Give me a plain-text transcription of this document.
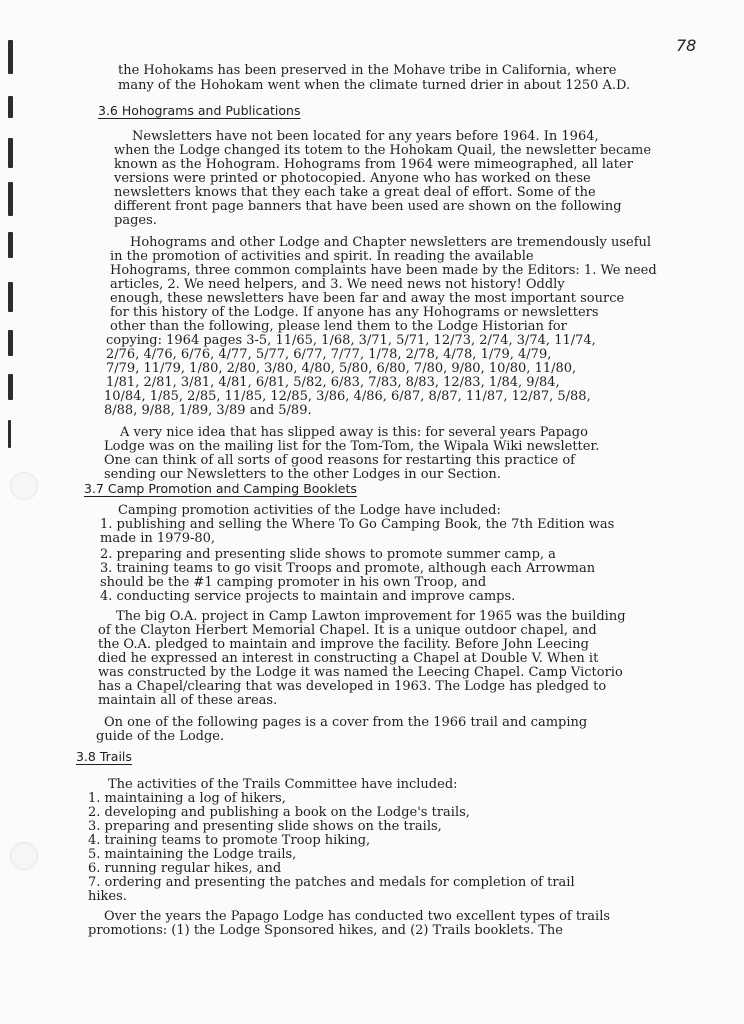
78
the Hohokams has been preserved in the Mohave tribe in California, where
many of the Hohokam went when the climate turned drier in about 1250 A.D.
3.6 Hohograms and Publications
Newsletters have not been located for any years before 1964. In 1964,
when the Lodge changed its totem to the Hohokam Quail, the newsletter became
known as the Hohogram. Hohograms from 1964 were mimeographed, all later
versions were printed or photocopied. Anyone who has worked on these
newsletters knows that they each take a great deal of effort. Some of the
different front page banners that have been used are shown on the following
pages.
Hohograms and other Lodge and Chapter newsletters are tremendously useful
in the promotion of activities and spirit. In reading the available
Hohograms, three common complaints have been made by the Editors: 1. We need
articles, 2. We need helpers, and 3. We need news not history! Oddly
enough, these newsletters have been far and away the most important source
for this history of the Lodge. If anyone has any Hohograms or newsletters
other than the following, please lend them to the Lodge Historian for
copying: 1964 pages 3-5, 11/65, 1/68, 3/71, 5/71, 12/73, 2/74, 3/74, 11/74,
2/76, 4/76, 6/76, 4/77, 5/77, 6/77, 7/77, 1/78, 2/78, 4/78, 1/79, 4/79,
7/79, 11/79, 1/80, 2/80, 3/80, 4/80, 5/80, 6/80, 7/80, 9/80, 10/80, 11/80,
1/81, 2/81, 3/81, 4/81, 6/81, 5/82, 6/83, 7/83, 8/83, 12/83, 1/84, 9/84,
10/84, 1/85, 2/85, 11/85, 12/85, 3/86, 4/86, 6/87, 8/87, 11/87, 12/87, 5/88,
8/88, 9/88, 1/89, 3/89 and 5/89.
A very nice idea that has slipped away is this: for several years Papago
Lodge was on the mailing list for the Tom-Tom, the Wipala Wiki newsletter.
One can think of all sorts of good reasons for restarting this practice of
sending our Newsletters to the other Lodges in our Section.
3.7 Camp Promotion and Camping Booklets
Camping promotion activities of the Lodge have included:
1. publishing and selling the Where To Go Camping Book, the 7th Edition was
made in 1979-80,
2. preparing and presenting slide shows to promote summer camp, a
3. training teams to go visit Troops and promote, although each Arrowman
should be the #1 camping promoter in his own Troop, and
4. conducting service projects to maintain and improve camps.
The big O.A. project in Camp Lawton improvement for 1965 was the building
of the Clayton Herbert Memorial Chapel. It is a unique outdoor chapel, and
the O.A. pledged to maintain and improve the facility. Before John Leecing
died he expressed an interest in constructing a Chapel at Double V. When it
was constructed by the Lodge it was named the Leecing Chapel. Camp Victorio
has a Chapel/clearing that was developed in 1963. The Lodge has pledged to
maintain all of these areas.
On one of the following pages is a cover from the 1966 trail and camping
guide of the Lodge.
3.8 Trails
The activities of the Trails Committee have included:
1. maintaining a log of hikers,
2. developing and publishing a book on the Lodge's trails,
3. preparing and presenting slide shows on the trails,
4. training teams to promote Troop hiking,
5. maintaining the Lodge trails,
6. running regular hikes, and
7. ordering and presenting the patches and medals for completion of trail
hikes.
Over the years the Papago Lodge has conducted two excellent types of trails
promotions: (1) the Lodge Sponsored hikes, and (2) Trails booklets. The
